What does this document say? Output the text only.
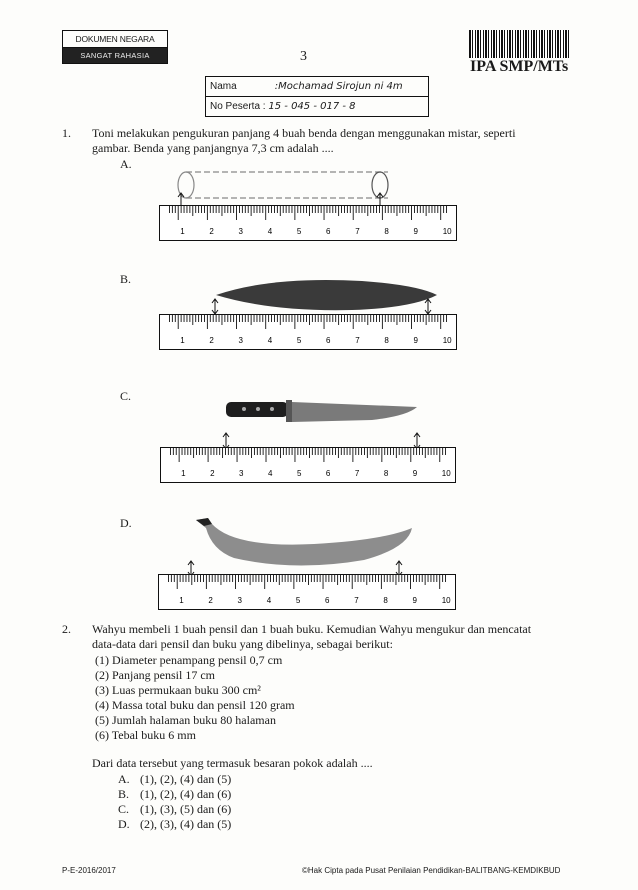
DOKUMEN NEGARA
SANGAT RAHASIA	3
IPA SMP/MTs
Nama	:Mochamad Sirojun ni 4m
No Peserta : 15 - 045 - 017 - 8
1. Toni melakukan pengukuran panjang 4 buah benda dengan menggunakan mistar, seperti
gambar. Benda yang panjangnya 7,3 cm adalah ....
A.
1	2	3	4	5	6	7	8	9	10
B.
1	2	3	4	5	6	7	8	9	10
C.
1	2	3	4	5	6	7	8	9	10
D.
1	2	3	4	5	6	7	8	9	10
2. Wahyu membeli 1 buah pensil dan 1 buah buku. Kemudian Wahyu mengukur dan mencatat
data-data dari pensil dan buku yang dibelinya, sebagai berikut:
(1) Diameter penampang pensil 0,7 cm
(2) Panjang pensil 17 cm
(3) Luas permukaan buku 300 cm²
(4) Massa total buku dan pensil 120 gram
(5) Jumlah halaman buku 80 halaman
(6) Tebal buku 6 mm
Dari data tersebut yang termasuk besaran pokok adalah ....
A. (1), (2), (4) dan (5)
B. (1), (2), (4) dan (6)
C. (1), (3), (5) dan (6)
D. (2), (3), (4) dan (5)
P-E-2016/2017	©Hak Cipta pada Pusat Penilaian Pendidikan-BALITBANG-KEMDIKBUD
